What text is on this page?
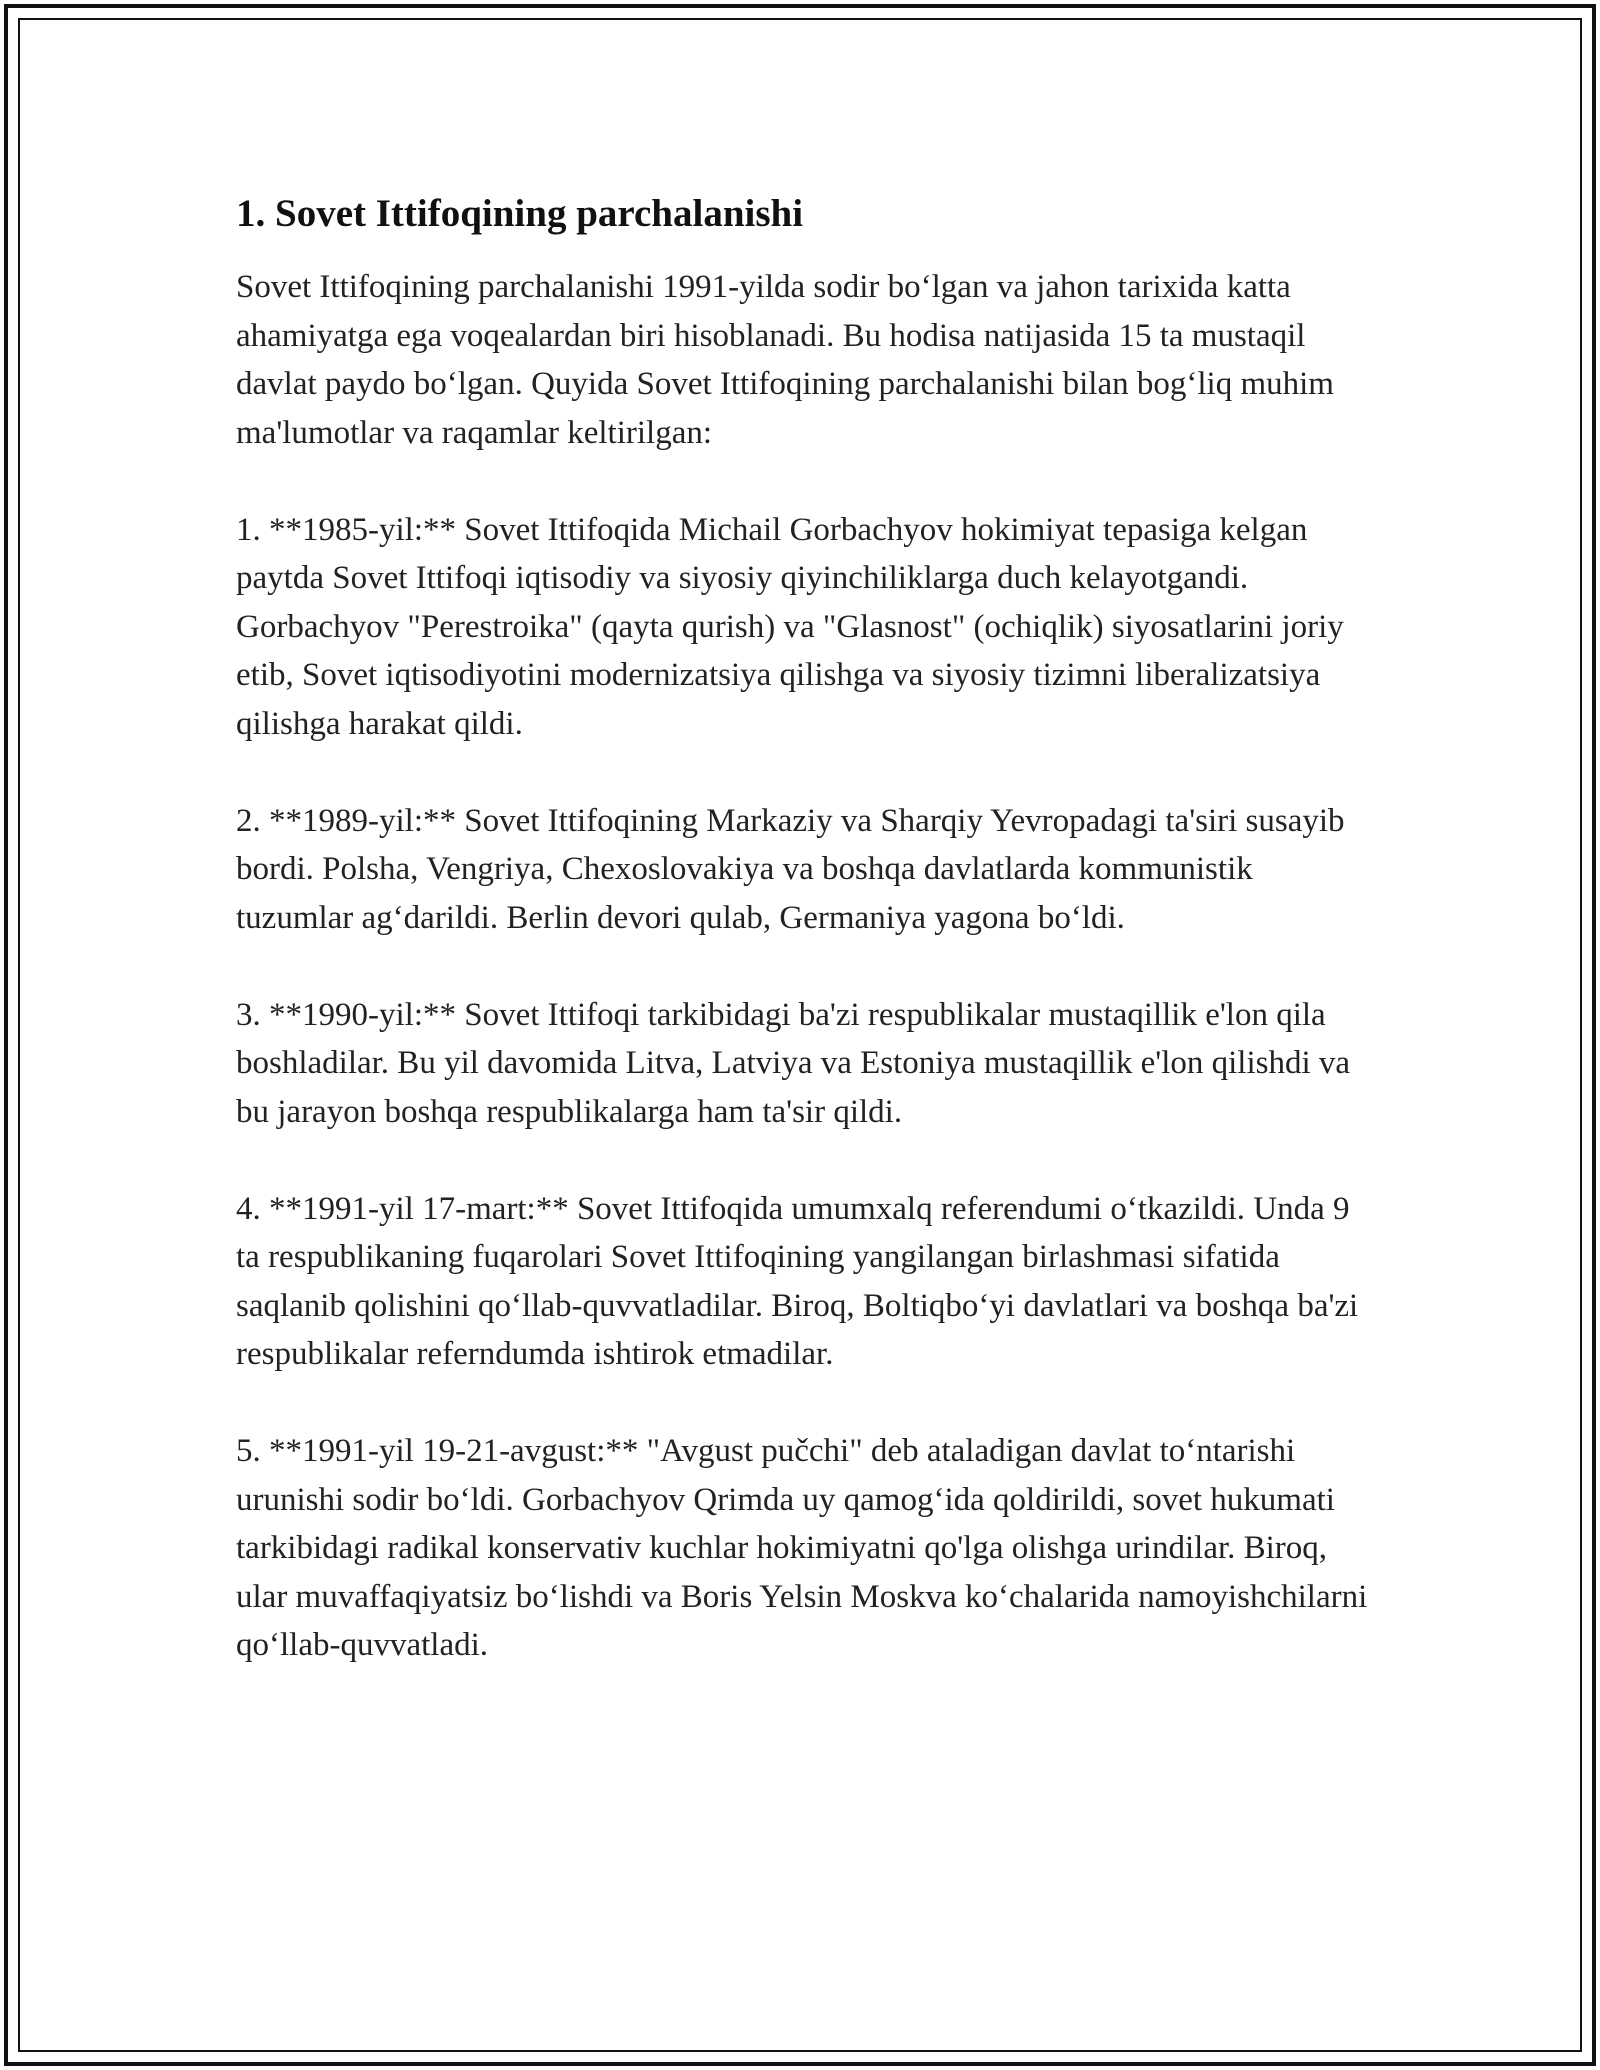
1. Sovet Ittifoqining parchalanishi

Sovet Ittifoqining parchalanishi 1991-yilda sodir bo‘lgan va jahon tarixida katta ahamiyatga ega voqealardan biri hisoblanadi. Bu hodisa natijasida 15 ta mustaqil davlat paydo bo‘lgan. Quyida Sovet Ittifoqining parchalanishi bilan bog‘liq muhim ma'lumotlar va raqamlar keltirilgan:

1. **1985-yil:** Sovet Ittifoqida Michail Gorbachyov hokimiyat tepasiga kelgan paytda Sovet Ittifoqi iqtisodiy va siyosiy qiyinchiliklarga duch kelayotgandi. Gorbachyov "Perestroika" (qayta qurish) va "Glasnost" (ochiqlik) siyosatlarini joriy etib, Sovet iqtisodiyotini modernizatsiya qilishga va siyosiy tizimni liberalizatsiya qilishga harakat qildi.

2. **1989-yil:** Sovet Ittifoqining Markaziy va Sharqiy Yevropadagi ta'siri susayib bordi. Polsha, Vengriya, Chexoslovakiya va boshqa davlatlarda kommunistik tuzumlar ag‘darildi. Berlin devori qulab, Germaniya yagona bo‘ldi.

3. **1990-yil:** Sovet Ittifoqi tarkibidagi ba'zi respublikalar mustaqillik e'lon qila boshladilar. Bu yil davomida Litva, Latviya va Estoniya mustaqillik e'lon qilishdi va bu jarayon boshqa respublikalarga ham ta'sir qildi.

4. **1991-yil 17-mart:** Sovet Ittifoqida umumxalq referendumi o‘tkazildi. Unda 9 ta respublikaning fuqarolari Sovet Ittifoqining yangilangan birlashmasi sifatida saqlanib qolishini qo‘llab-quvvatladilar. Biroq, Boltiqbo‘yi davlatlari va boshqa ba'zi respublikalar referndumda ishtirok etmadilar.

5. **1991-yil 19-21-avgust:** "Avgust pučchi" deb ataladigan davlat to‘ntarishi urunishi sodir bo‘ldi. Gorbachyov Qrimda uy qamog‘ida qoldirildi, sovet hukumati tarkibidagi radikal konservativ kuchlar hokimiyatni qo'lga olishga urindilar. Biroq, ular muvaffaqiyatsiz bo‘lishdi va Boris Yelsin Moskva ko‘chalarida namoyishchilarni qo‘llab-quvvatladi.
